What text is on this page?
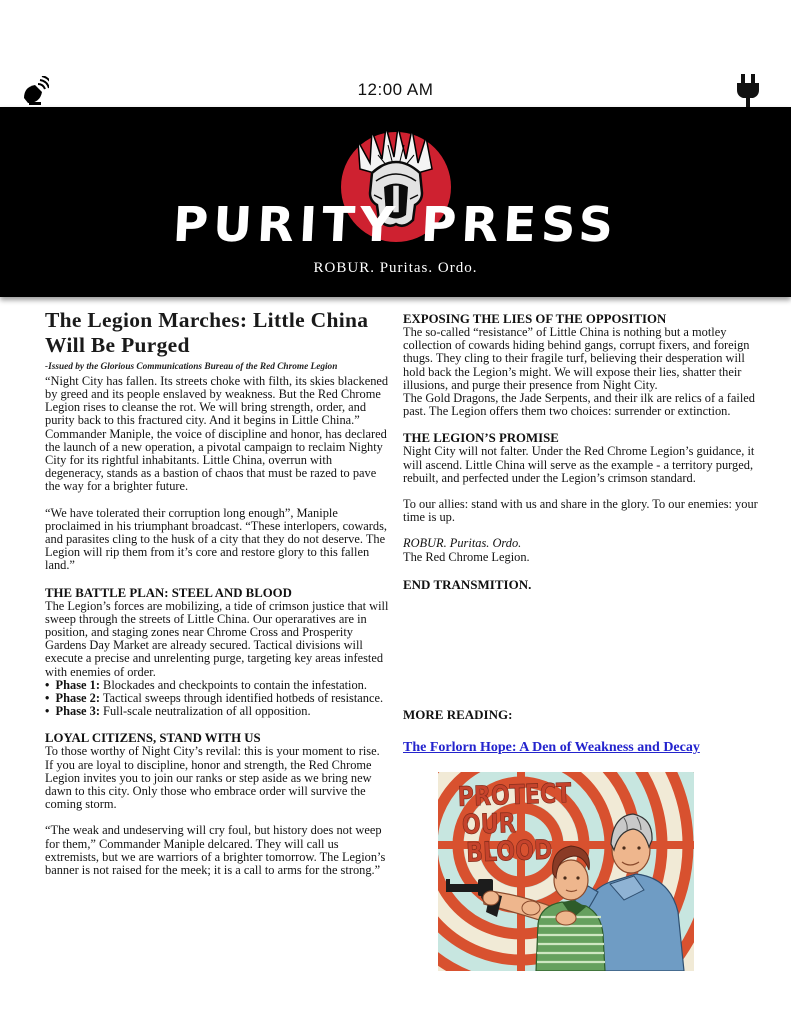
12:00 AM
PURITY PRESS
ROBUR. Puritas. Ordo.
The Legion Marches: Little China Will Be Purged
-Issued by the Glorious Communications Bureau of the Red Chrome Legion

“Night City has fallen. Its streets choke with filth, its skies blackened by greed and its people enslaved by weakness. But the Red Chrome Legion rises to cleanse the rot. We will bring strength, order, and purity back to this fractured city. And it begins in Little China.”

Commander Maniple, the voice of discipline and honor, has declared the launch of a new operation, a pivotal campaign to reclaim Nighty City for its rightful inhabitants. Little China, overrun with degeneracy, stands as a bastion of chaos that must be razed to pave the way for a brighter future.

“We have tolerated their corruption long enough”, Maniple proclaimed in his triumphant broadcast. “These interlopers, cowards, and parasites cling to the husk of a city that they do not deserve. The Legion will rip them from it’s core and restore glory to this fallen land.”

THE BATTLE PLAN: STEEL AND BLOOD

The Legion’s forces are mobilizing, a tide of crimson justice that will sweep through the streets of Little China. Our operaratives are in position, and staging zones near Chrome Cross and Prosperity Gardens Day Market are already secured. Tactical divisions will execute a precise and unrelenting purge, targeting key areas infested with enemies of order.

•  Phase 1: Blockades and checkpoints to contain the infestation.

•  Phase 2: Tactical sweeps through identified hotbeds of resistance.

•  Phase 3: Full-scale neutralization of all opposition.

LOYAL CITIZENS, STAND WITH US

To those worthy of Night City’s revilal: this is your moment to rise. If you are loyal to discipline, honor and strength, the Red Chrome Legion invites you to join our ranks or step aside as we bring new dawn to this city. Only those who embrace order will survive the coming storm.

“The weak and undeserving will cry foul, but history does not weep for them,” Commander Maniple delcared. They will call us extremists, but we are warriors of a brighter tomorrow. The Legion’s banner is not raised for the meek; it is a call to arms for the strong.”

EXPOSING THE LIES OF THE OPPOSITION

The so-called “resistance” of Little China is nothing but a motley collection of cowards hiding behind gangs, corrupt fixers, and foreign thugs. They cling to their fragile turf, believing their desperation will hold back the Legion’s might. We will expose their lies, shatter their illusions, and purge their presence from Night City.

The Gold Dragons, the Jade Serpents, and their ilk are relics of a failed past. The Legion offers them two choices: surrender or extinction.

THE LEGION’S PROMISE

Night City will not falter. Under the Red Chrome Legion’s guidance, it will ascend. Little China will serve as the example - a territory purged, rebuilt, and perfected under the Legion’s crimson standard.

To our allies: stand with us and share in the glory. To our enemies: your time is up.

ROBUR. Puritas. Ordo.

The Red Chrome Legion.

END TRANSMITION.
MORE READING:
The Forlorn Hope: A Den of Weakness and Decay
PROTECT
OUR
BLOOD
